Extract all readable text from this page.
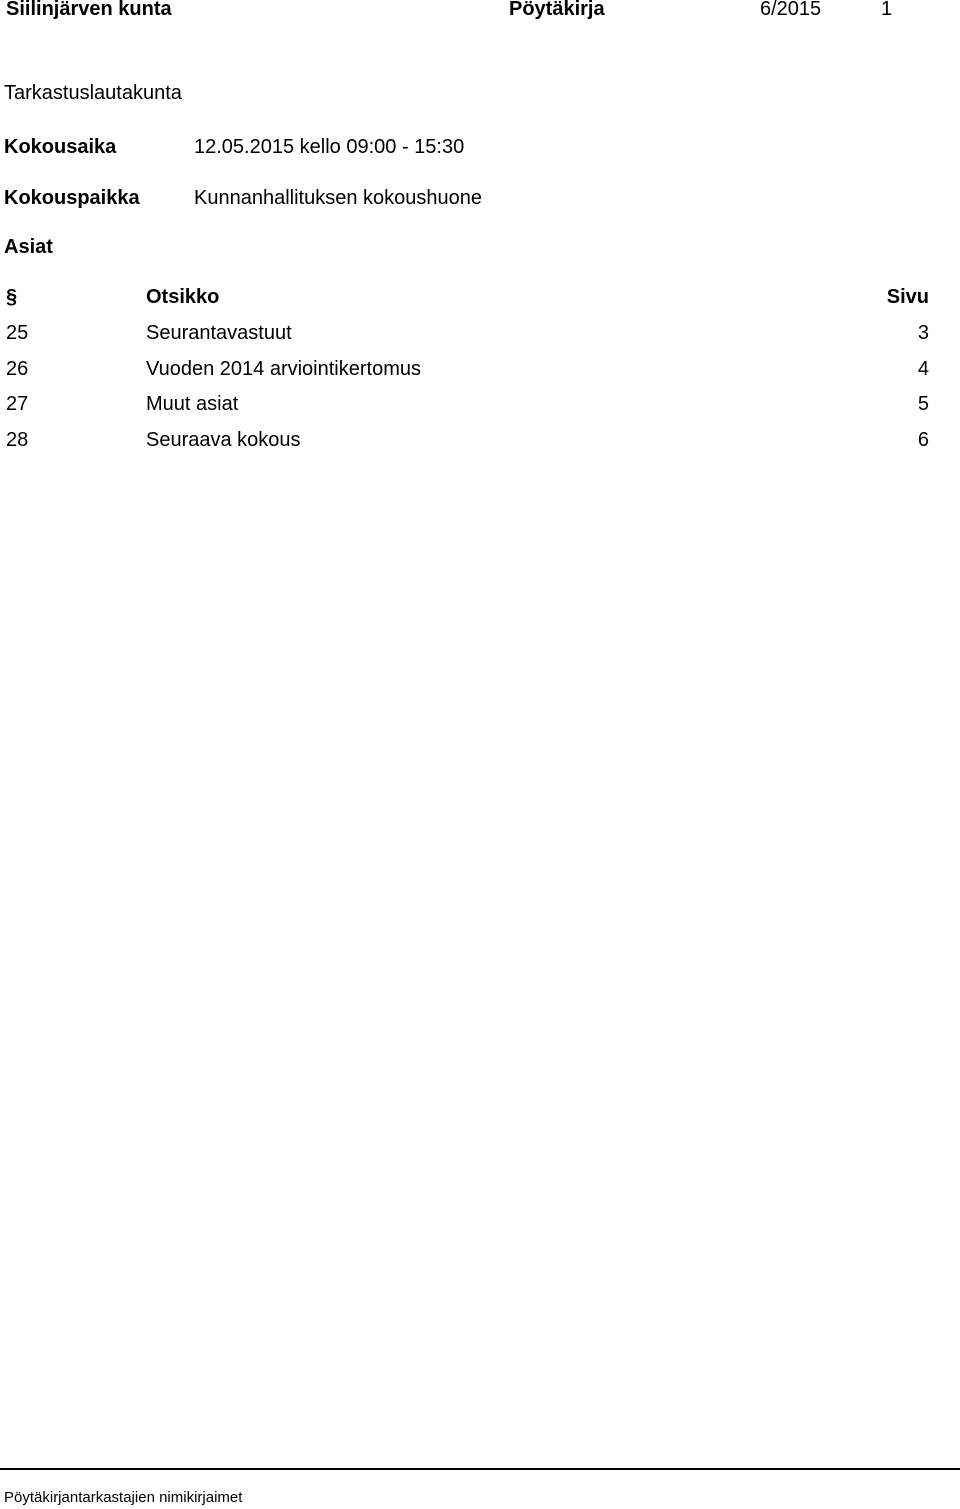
Siilinjärven kunta	Pöytäkirja	6/2015	1
Tarkastuslautakunta
Kokousaika	12.05.2015 kello 09:00 - 15:30
Kokouspaikka	Kunnanhallituksen kokoushuone
Asiat
§	Otsikko	Sivu
25	Seurantavastuut	3
26	Vuoden 2014 arviointikertomus	4
27	Muut asiat	5
28	Seuraava kokous	6
Pöytäkirjantarkastajien nimikirjaimet
